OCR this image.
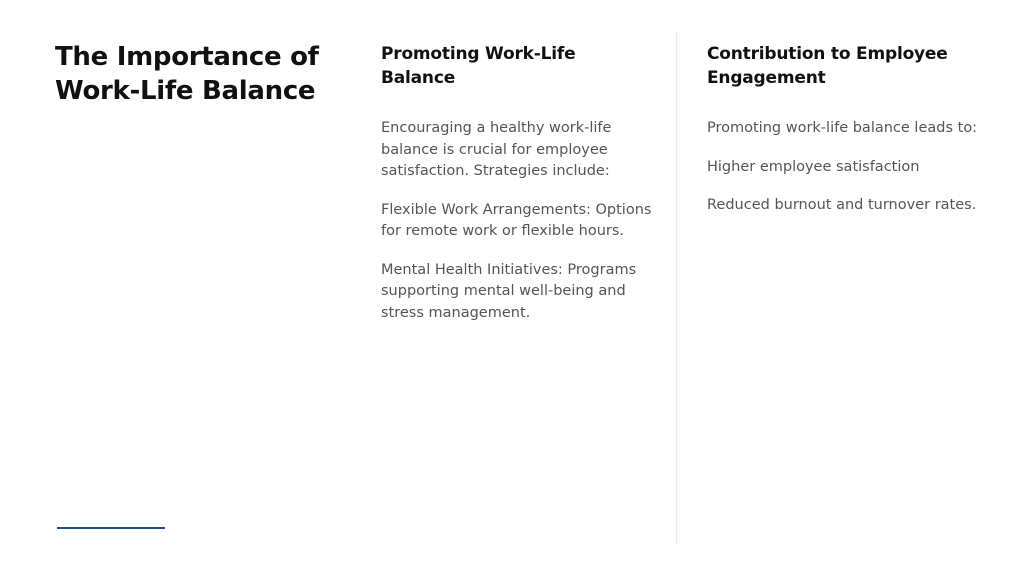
The Importance of Work-Life Balance
Promoting Work-Life Balance

Encouraging a healthy work-life balance is crucial for employee satisfaction. Strategies include:

Flexible Work Arrangements: Options for remote work or flexible hours.

Mental Health Initiatives: Programs supporting mental well-being and stress management.

Contribution to Employee Engagement

Promoting work-life balance leads to:

Higher employee satisfaction

Reduced burnout and turnover rates.
